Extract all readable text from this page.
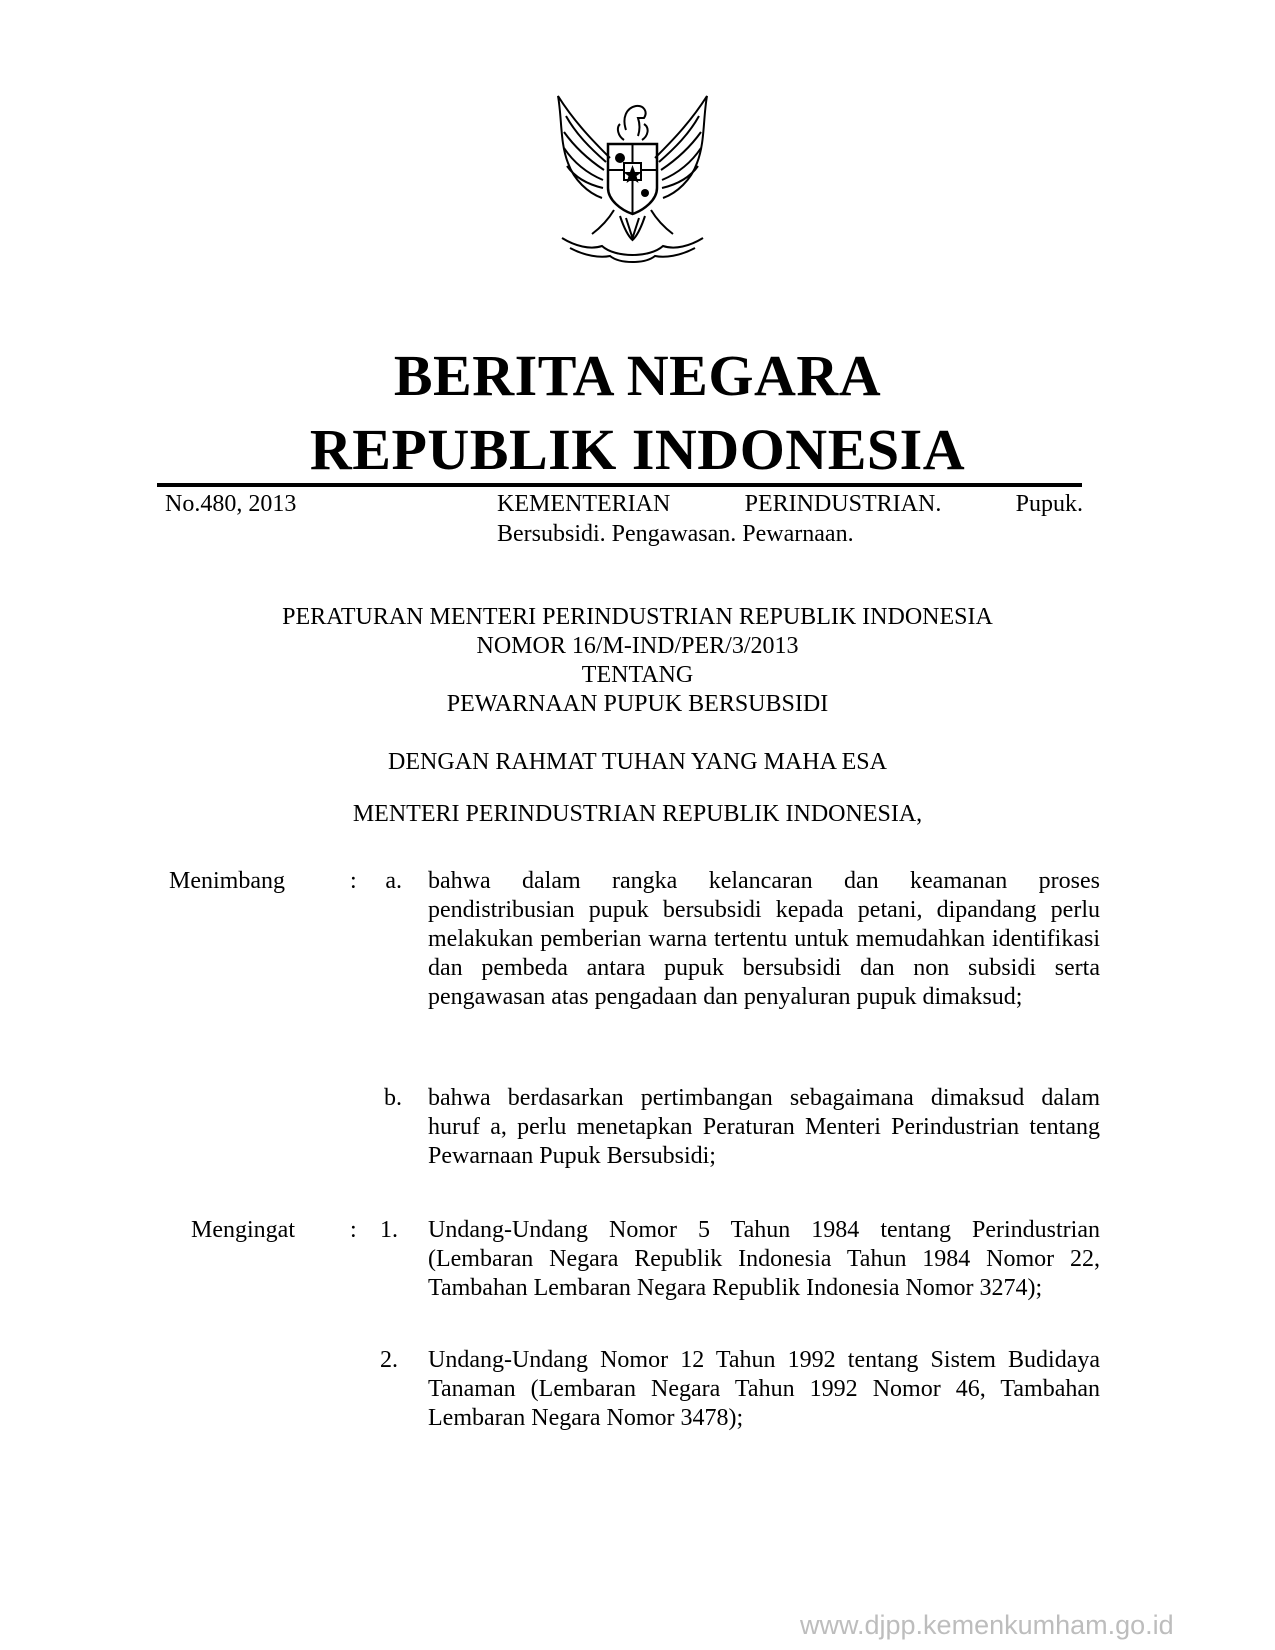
BERITA NEGARA
REPUBLIK INDONESIA
No.480, 2013	KEMENTERIAN PERINDUSTRIAN. Pupuk.
Bersubsidi. Pengawasan. Pewarnaan.
PERATURAN MENTERI PERINDUSTRIAN REPUBLIK INDONESIA
NOMOR 16/M-IND/PER/3/2013
TENTANG
PEWARNAAN PUPUK BERSUBSIDI
DENGAN RAHMAT TUHAN YANG MAHA ESA
MENTERI PERINDUSTRIAN REPUBLIK INDONESIA,
Menimbang	:	a. bahwa dalam rangka kelancaran dan keamanan proses pendistribusian pupuk bersubsidi kepada petani, dipandang perlu melakukan pemberian warna tertentu untuk memudahkan identifikasi dan pembeda antara pupuk bersubsidi dan non subsidi serta pengawasan atas pengadaan dan penyaluran pupuk dimaksud;
b. bahwa berdasarkan pertimbangan sebagaimana dimaksud dalam huruf a, perlu menetapkan Peraturan Menteri Perindustrian tentang Pewarnaan Pupuk Bersubsidi;
Mengingat : 1. Undang-Undang Nomor 5 Tahun 1984 tentang Perindustrian (Lembaran Negara Republik Indonesia Tahun 1984 Nomor 22, Tambahan Lembaran Negara Republik Indonesia Nomor 3274);
2. Undang-Undang Nomor 12 Tahun 1992 tentang Sistem Budidaya Tanaman (Lembaran Negara Tahun 1992 Nomor 46, Tambahan Lembaran Negara Nomor 3478);
www.djpp.kemenkumham.go.id
